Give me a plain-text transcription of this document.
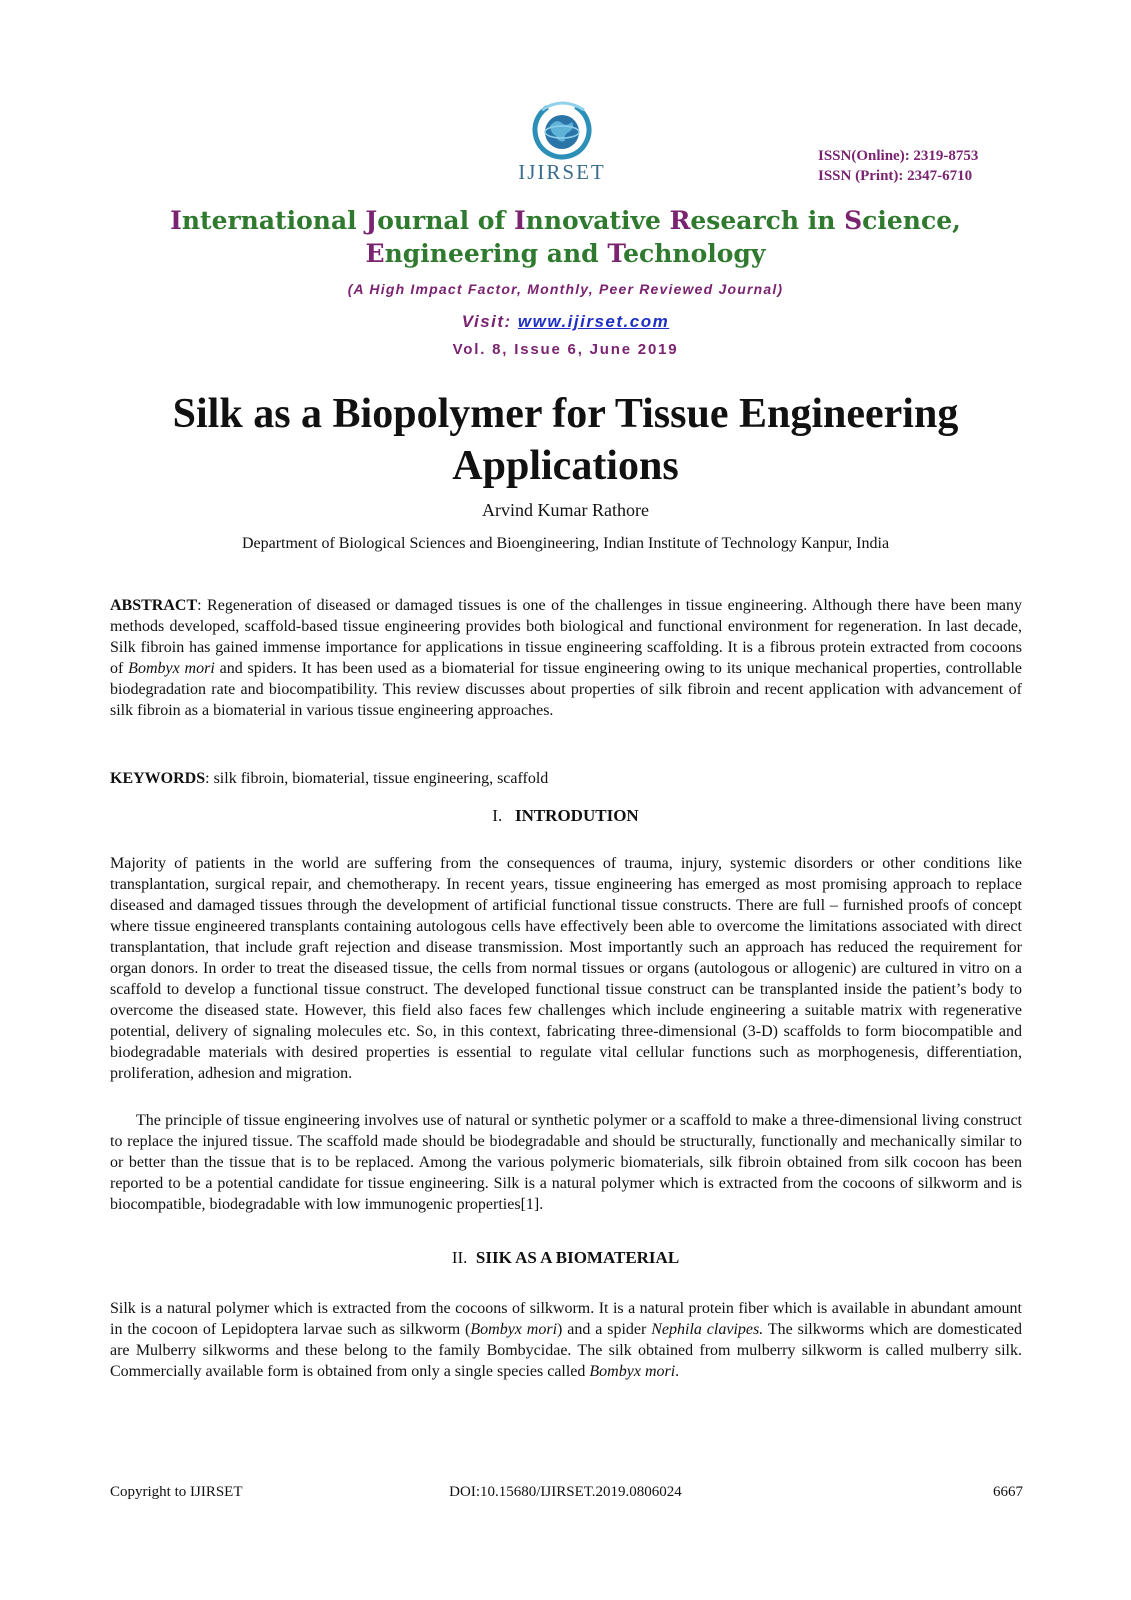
IJIRSET
ISSN(Online): 2319-8753
ISSN (Print): 2347-6710
International Journal of Innovative Research in Science,
Engineering and Technology
(A High Impact Factor, Monthly, Peer Reviewed Journal)
Visit: www.ijirset.com
Vol. 8, Issue 6, June 2019
Silk as a Biopolymer for Tissue Engineering
Applications
Arvind Kumar Rathore
Department of Biological Sciences and Bioengineering, Indian Institute of Technology Kanpur, India
ABSTRACT: Regeneration of diseased or damaged tissues is one of the challenges in tissue engineering. Although there have been many methods developed, scaffold-based tissue engineering provides both biological and functional environment for regeneration. In last decade, Silk fibroin has gained immense importance for applications in tissue engineering scaffolding. It is a fibrous protein extracted from cocoons of Bombyx mori and spiders. It has been used as a biomaterial for tissue engineering owing to its unique mechanical properties, controllable biodegradation rate and biocompatibility. This review discusses about properties of silk fibroin and recent application with advancement of silk fibroin as a biomaterial in various tissue engineering approaches.
KEYWORDS: silk fibroin, biomaterial, tissue engineering, scaffold
I. INTRODUTION
Majority of patients in the world are suffering from the consequences of trauma, injury, systemic disorders or other conditions like transplantation, surgical repair, and chemotherapy. In recent years, tissue engineering has emerged as most promising approach to replace diseased and damaged tissues through the development of artificial functional tissue constructs. There are full – furnished proofs of concept where tissue engineered transplants containing autologous cells have effectively been able to overcome the limitations associated with direct transplantation, that include graft rejection and disease transmission. Most importantly such an approach has reduced the requirement for organ donors. In order to treat the diseased tissue, the cells from normal tissues or organs (autologous or allogenic) are cultured in vitro on a scaffold to develop a functional tissue construct. The developed functional tissue construct can be transplanted inside the patient’s body to overcome the diseased state. However, this field also faces few challenges which include engineering a suitable matrix with regenerative potential, delivery of signaling molecules etc. So, in this context, fabricating three-dimensional (3-D) scaffolds to form biocompatible and biodegradable materials with desired properties is essential to regulate vital cellular functions such as morphogenesis, differentiation, proliferation, adhesion and migration.
The principle of tissue engineering involves use of natural or synthetic polymer or a scaffold to make a three-dimensional living construct to replace the injured tissue. The scaffold made should be biodegradable and should be structurally, functionally and mechanically similar to or better than the tissue that is to be replaced. Among the various polymeric biomaterials, silk fibroin obtained from silk cocoon has been reported to be a potential candidate for tissue engineering. Silk is a natural polymer which is extracted from the cocoons of silkworm and is biocompatible, biodegradable with low immunogenic properties[1].
II. SIIK AS A BIOMATERIAL
Silk is a natural polymer which is extracted from the cocoons of silkworm. It is a natural protein fiber which is available in abundant amount in the cocoon of Lepidoptera larvae such as silkworm (Bombyx mori) and a spider Nephila clavipes. The silkworms which are domesticated are Mulberry silkworms and these belong to the family Bombycidae. The silk obtained from mulberry silkworm is called mulberry silk. Commercially available form is obtained from only a single species called Bombyx mori.
Copyright to IJIRSET	DOI:10.15680/IJIRSET.2019.0806024	6667
